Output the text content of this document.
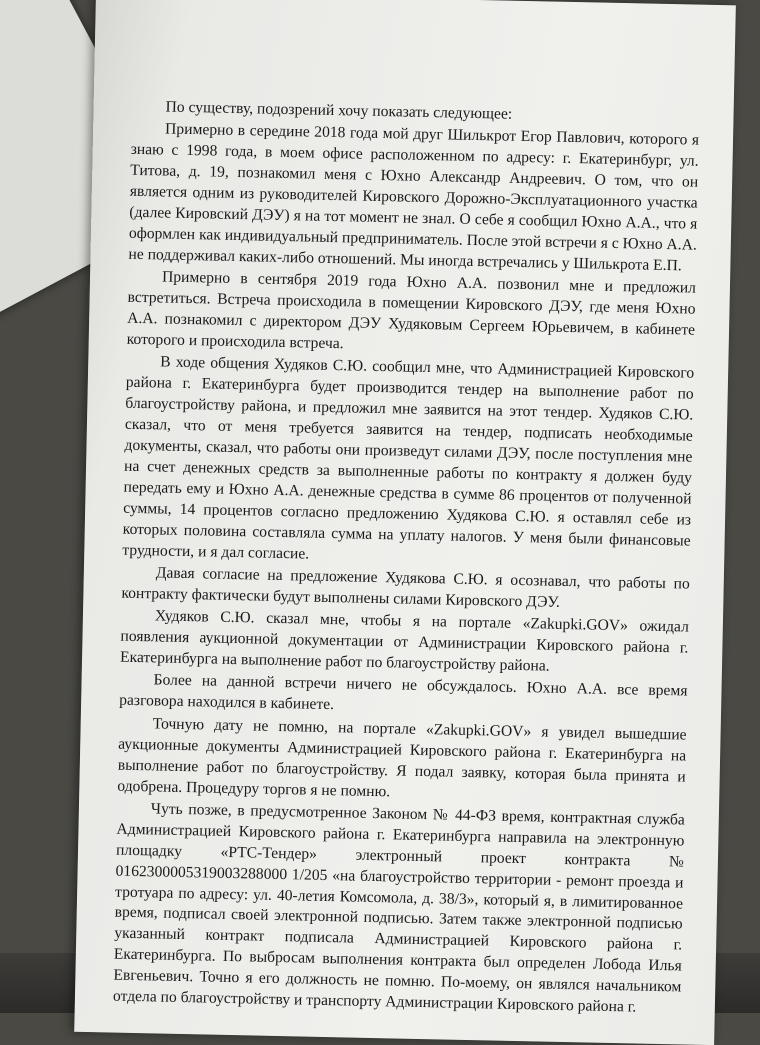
По существу, подозрений хочу показать следующее:

Примерно в середине 2018 года мой друг Шилькрот Егор Павлович, которого я знаю с 1998 года, в моем офисе расположенном по адресу: г. Екатеринбург, ул. Титова, д. 19, познакомил меня с Юхно Александр Андреевич. О том, что он является одним из руководителей Кировского Дорожно-Эксплуатационного участка (далее Кировский ДЭУ) я на тот момент не знал. О себе я сообщил Юхно А.А., что я оформлен как индивидуальный предприниматель. После этой встречи я с Юхно А.А. не поддерживал каких-либо отношений. Мы иногда встречались у Шилькрота Е.П.

Примерно в сентября 2019 года Юхно А.А. позвонил мне и предложил встретиться. Встреча происходила в помещении Кировского ДЭУ, где меня Юхно А.А. познакомил с директором ДЭУ Худяковым Сергеем Юрьевичем, в кабинете которого и происходила встреча.

В ходе общения Худяков С.Ю. сообщил мне, что Администрацией Кировского района г. Екатеринбурга будет производится тендер на выполнение работ по благоустройству района, и предложил мне заявится на этот тендер. Худяков С.Ю. сказал, что от меня требуется заявится на тендер, подписать необходимые документы, сказал, что работы они произведут силами ДЭУ, после поступления мне на счет денежных средств за выполненные работы по контракту я должен буду передать ему и Юхно А.А. денежные средства в сумме 86 процентов от полученной суммы, 14 процентов согласно предложению Худякова С.Ю. я оставлял себе из которых половина составляла сумма на уплату налогов. У меня были финансовые трудности, и я дал согласие.

Давая согласие на предложение Худякова С.Ю. я осознавал, что работы по контракту фактически будут выполнены силами Кировского ДЭУ.

Худяков С.Ю. сказал мне, чтобы я на портале «Zakupki.GOV» ожидал появления аукционной документации от Администрации Кировского района г. Екатеринбурга на выполнение работ по благоустройству района.

Более на данной встречи ничего не обсуждалось. Юхно А.А. все время разговора находился в кабинете.

Точную дату не помню, на портале «Zakupki.GOV» я увидел вышедшие аукционные документы Администрацией Кировского района г. Екатеринбурга на выполнение работ по благоустройству. Я подал заявку, которая была принята и одобрена. Процедуру торгов я не помню.

Чуть позже, в предусмотренное Законом № 44-ФЗ время, контрактная служба Администрацией Кировского района г. Екатеринбурга направила на электронную площадку «РТС-Тендер» электронный проект контракта № 0162300005319003288000 1/205 «на благоустройство территории - ремонт проезда и тротуара по адресу: ул. 40-летия Комсомола, д. 38/3», который я, в лимитированное время, подписал своей электронной подписью. Затем также электронной подписью указанный контракт подписала Администрацией Кировского района г. Екатеринбурга. По выбросам выполнения контракта был определен Лобода Илья Евгеньевич. Точно я его должность не помню. По-моему, он являлся начальником отдела по благоустройству и транспорту Администрации Кировского района г.
